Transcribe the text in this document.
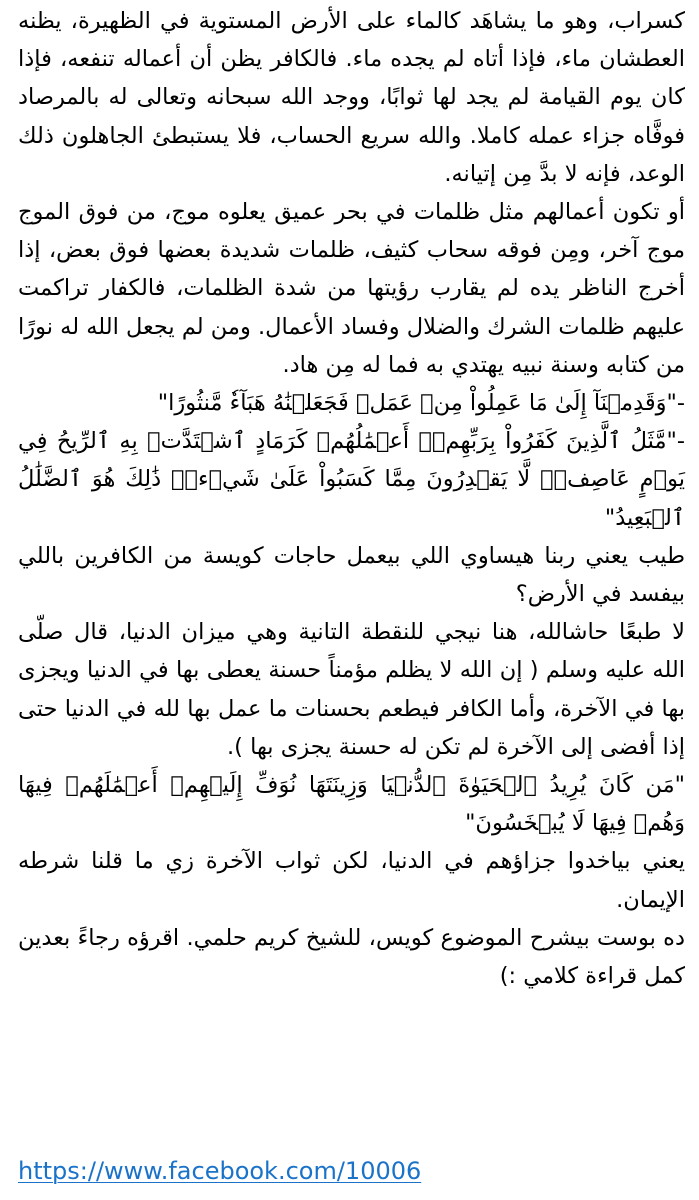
كسراب، وهو ما يشاهَد كالماء على الأرض المستوية في الظهيرة، يظنه العطشان ماء، فإذا أتاه لم يجده ماء. فالكافر يظن أن أعماله تنفعه، فإذا كان يوم القيامة لم يجد لها ثوابًا، ووجد الله سبحانه وتعالى له بالمرصاد فوفَّاه جزاء عمله كاملا. والله سريع الحساب، فلا يستبطئ الجاهلون ذلك الوعد، فإنه لا بدَّ مِن إتيانه.

أو تكون أعمالهم مثل ظلمات في بحر عميق يعلوه موج، من فوق الموج موج آخر، ومِن فوقه سحاب كثيف، ظلمات شديدة بعضها فوق بعض، إذا أخرج الناظر يده لم يقارب رؤيتها من شدة الظلمات، فالكفار تراكمت عليهم ظلمات الشرك والضلال وفساد الأعمال. ومن لم يجعل الله له نورًا من كتابه وسنة نبيه يهتدي به فما له مِن هاد.

-"وَقَدِمۡنَآ إِلَىٰ مَا عَمِلُواْ مِنۡ عَمَلٖ فَجَعَلۡنَٰهُ هَبَآءٗ مَّنثُورًا"

-"مَّثَلُ ٱلَّذِينَ كَفَرُواْ بِرَبِّهِمۡۖ أَعۡمَٰلُهُمۡ كَرَمَادٍ ٱشۡتَدَّتۡ بِهِ ٱلرِّيحُ فِي يَوۡمٍ عَاصِفٖۖ لَّا يَقۡدِرُونَ مِمَّا كَسَبُواْ عَلَىٰ شَيۡءٖۚ ذَٰلِكَ هُوَ ٱلضَّلَٰلُ ٱلۡبَعِيدُ"

طيب يعني ربنا هيساوي اللي بيعمل حاجات كويسة من الكافرين باللي بيفسد في الأرض؟

لا طبعًا حاشالله، هنا نيجي للنقطة التانية وهي ميزان الدنيا، قال صلّى الله عليه وسلم ( إن الله لا يظلم مؤمناً حسنة يعطى بها في الدنيا ويجزى بها في الآخرة، وأما الكافر فيطعم بحسنات ما عمل بها لله في الدنيا حتى إذا أفضى إلى الآخرة لم تكن له حسنة يجزى بها ).

"مَن كَانَ يُرِيدُ ٱلۡحَيَوٰةَ ٱلدُّنۡيَا وَزِينَتَهَا نُوَفِّ إِلَيۡهِمۡ أَعۡمَٰلَهُمۡ فِيهَا وَهُمۡ فِيهَا لَا يُبۡخَسُونَ"

يعني بياخدوا جزاؤهم في الدنيا، لكن ثواب الآخرة زي ما قلنا شرطه الإيمان.

ده بوست بيشرح الموضوع كويس، للشيخ كريم حلمي. اقرؤه رجاءً بعدين كمل قراءة كلامي :)

https://www.facebook.com/10006
